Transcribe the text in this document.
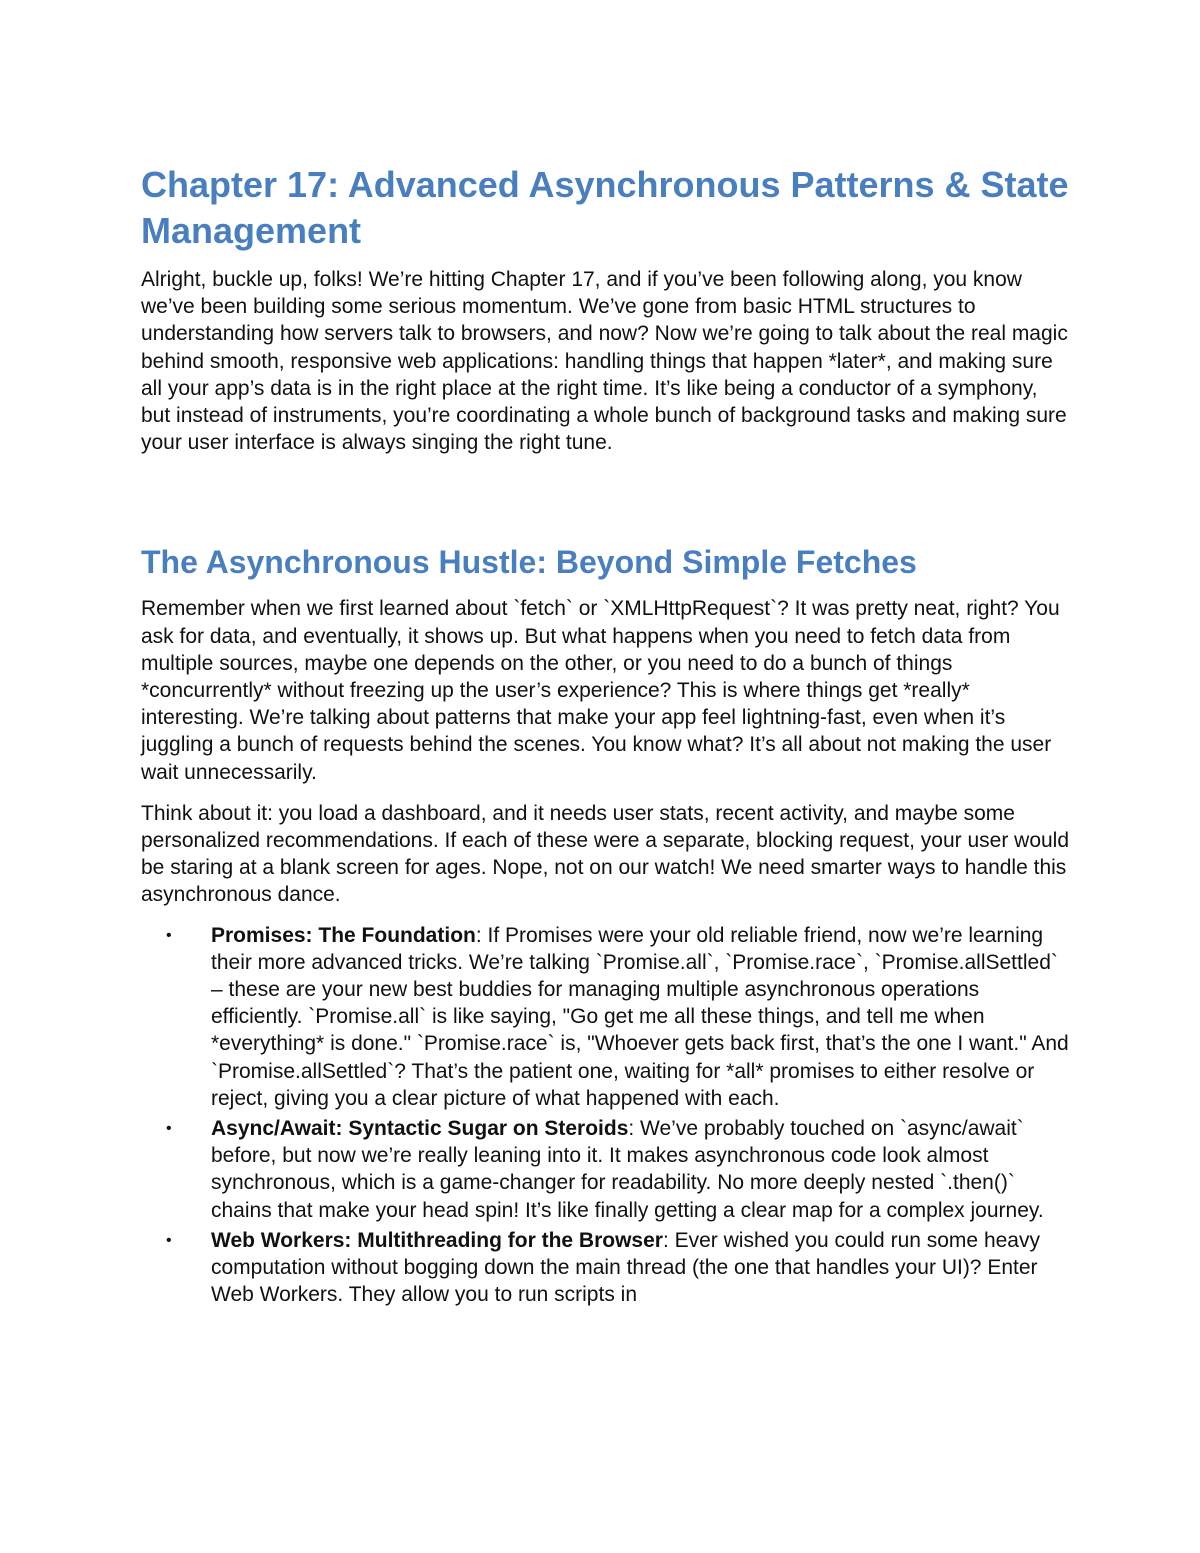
Chapter 17: Advanced Asynchronous Patterns & State Management

Alright, buckle up, folks! We’re hitting Chapter 17, and if you’ve been following along, you know we’ve been building some serious momentum. We’ve gone from basic HTML structures to understanding how servers talk to browsers, and now? Now we’re going to talk about the real magic behind smooth, responsive web applications: handling things that happen *later*, and making sure all your app’s data is in the right place at the right time. It’s like being a conductor of a symphony, but instead of instruments, you’re coordinating a whole bunch of background tasks and making sure your user interface is always singing the right tune.

The Asynchronous Hustle: Beyond Simple Fetches

Remember when we first learned about `fetch` or `XMLHttpRequest`? It was pretty neat, right? You ask for data, and eventually, it shows up. But what happens when you need to fetch data from multiple sources, maybe one depends on the other, or you need to do a bunch of things *concurrently* without freezing up the user’s experience? This is where things get *really* interesting. We’re talking about patterns that make your app feel lightning-fast, even when it’s juggling a bunch of requests behind the scenes. You know what? It’s all about not making the user wait unnecessarily.

Think about it: you load a dashboard, and it needs user stats, recent activity, and maybe some personalized recommendations. If each of these were a separate, blocking request, your user would be staring at a blank screen for ages. Nope, not on our watch! We need smarter ways to handle this asynchronous dance.

• Promises: The Foundation: If Promises were your old reliable friend, now we’re learning their more advanced tricks. We’re talking `Promise.all`, `Promise.race`, `Promise.allSettled` – these are your new best buddies for managing multiple asynchronous operations efficiently. `Promise.all` is like saying, "Go get me all these things, and tell me when *everything* is done." `Promise.race` is, "Whoever gets back first, that’s the one I want." And `Promise.allSettled`? That’s the patient one, waiting for *all* promises to either resolve or reject, giving you a clear picture of what happened with each.
• Async/Await: Syntactic Sugar on Steroids: We’ve probably touched on `async/await` before, but now we’re really leaning into it. It makes asynchronous code look almost synchronous, which is a game-changer for readability. No more deeply nested `.then()` chains that make your head spin! It’s like finally getting a clear map for a complex journey.
• Web Workers: Multithreading for the Browser: Ever wished you could run some heavy computation without bogging down the main thread (the one that handles your UI)? Enter Web Workers. They allow you to run scripts in
